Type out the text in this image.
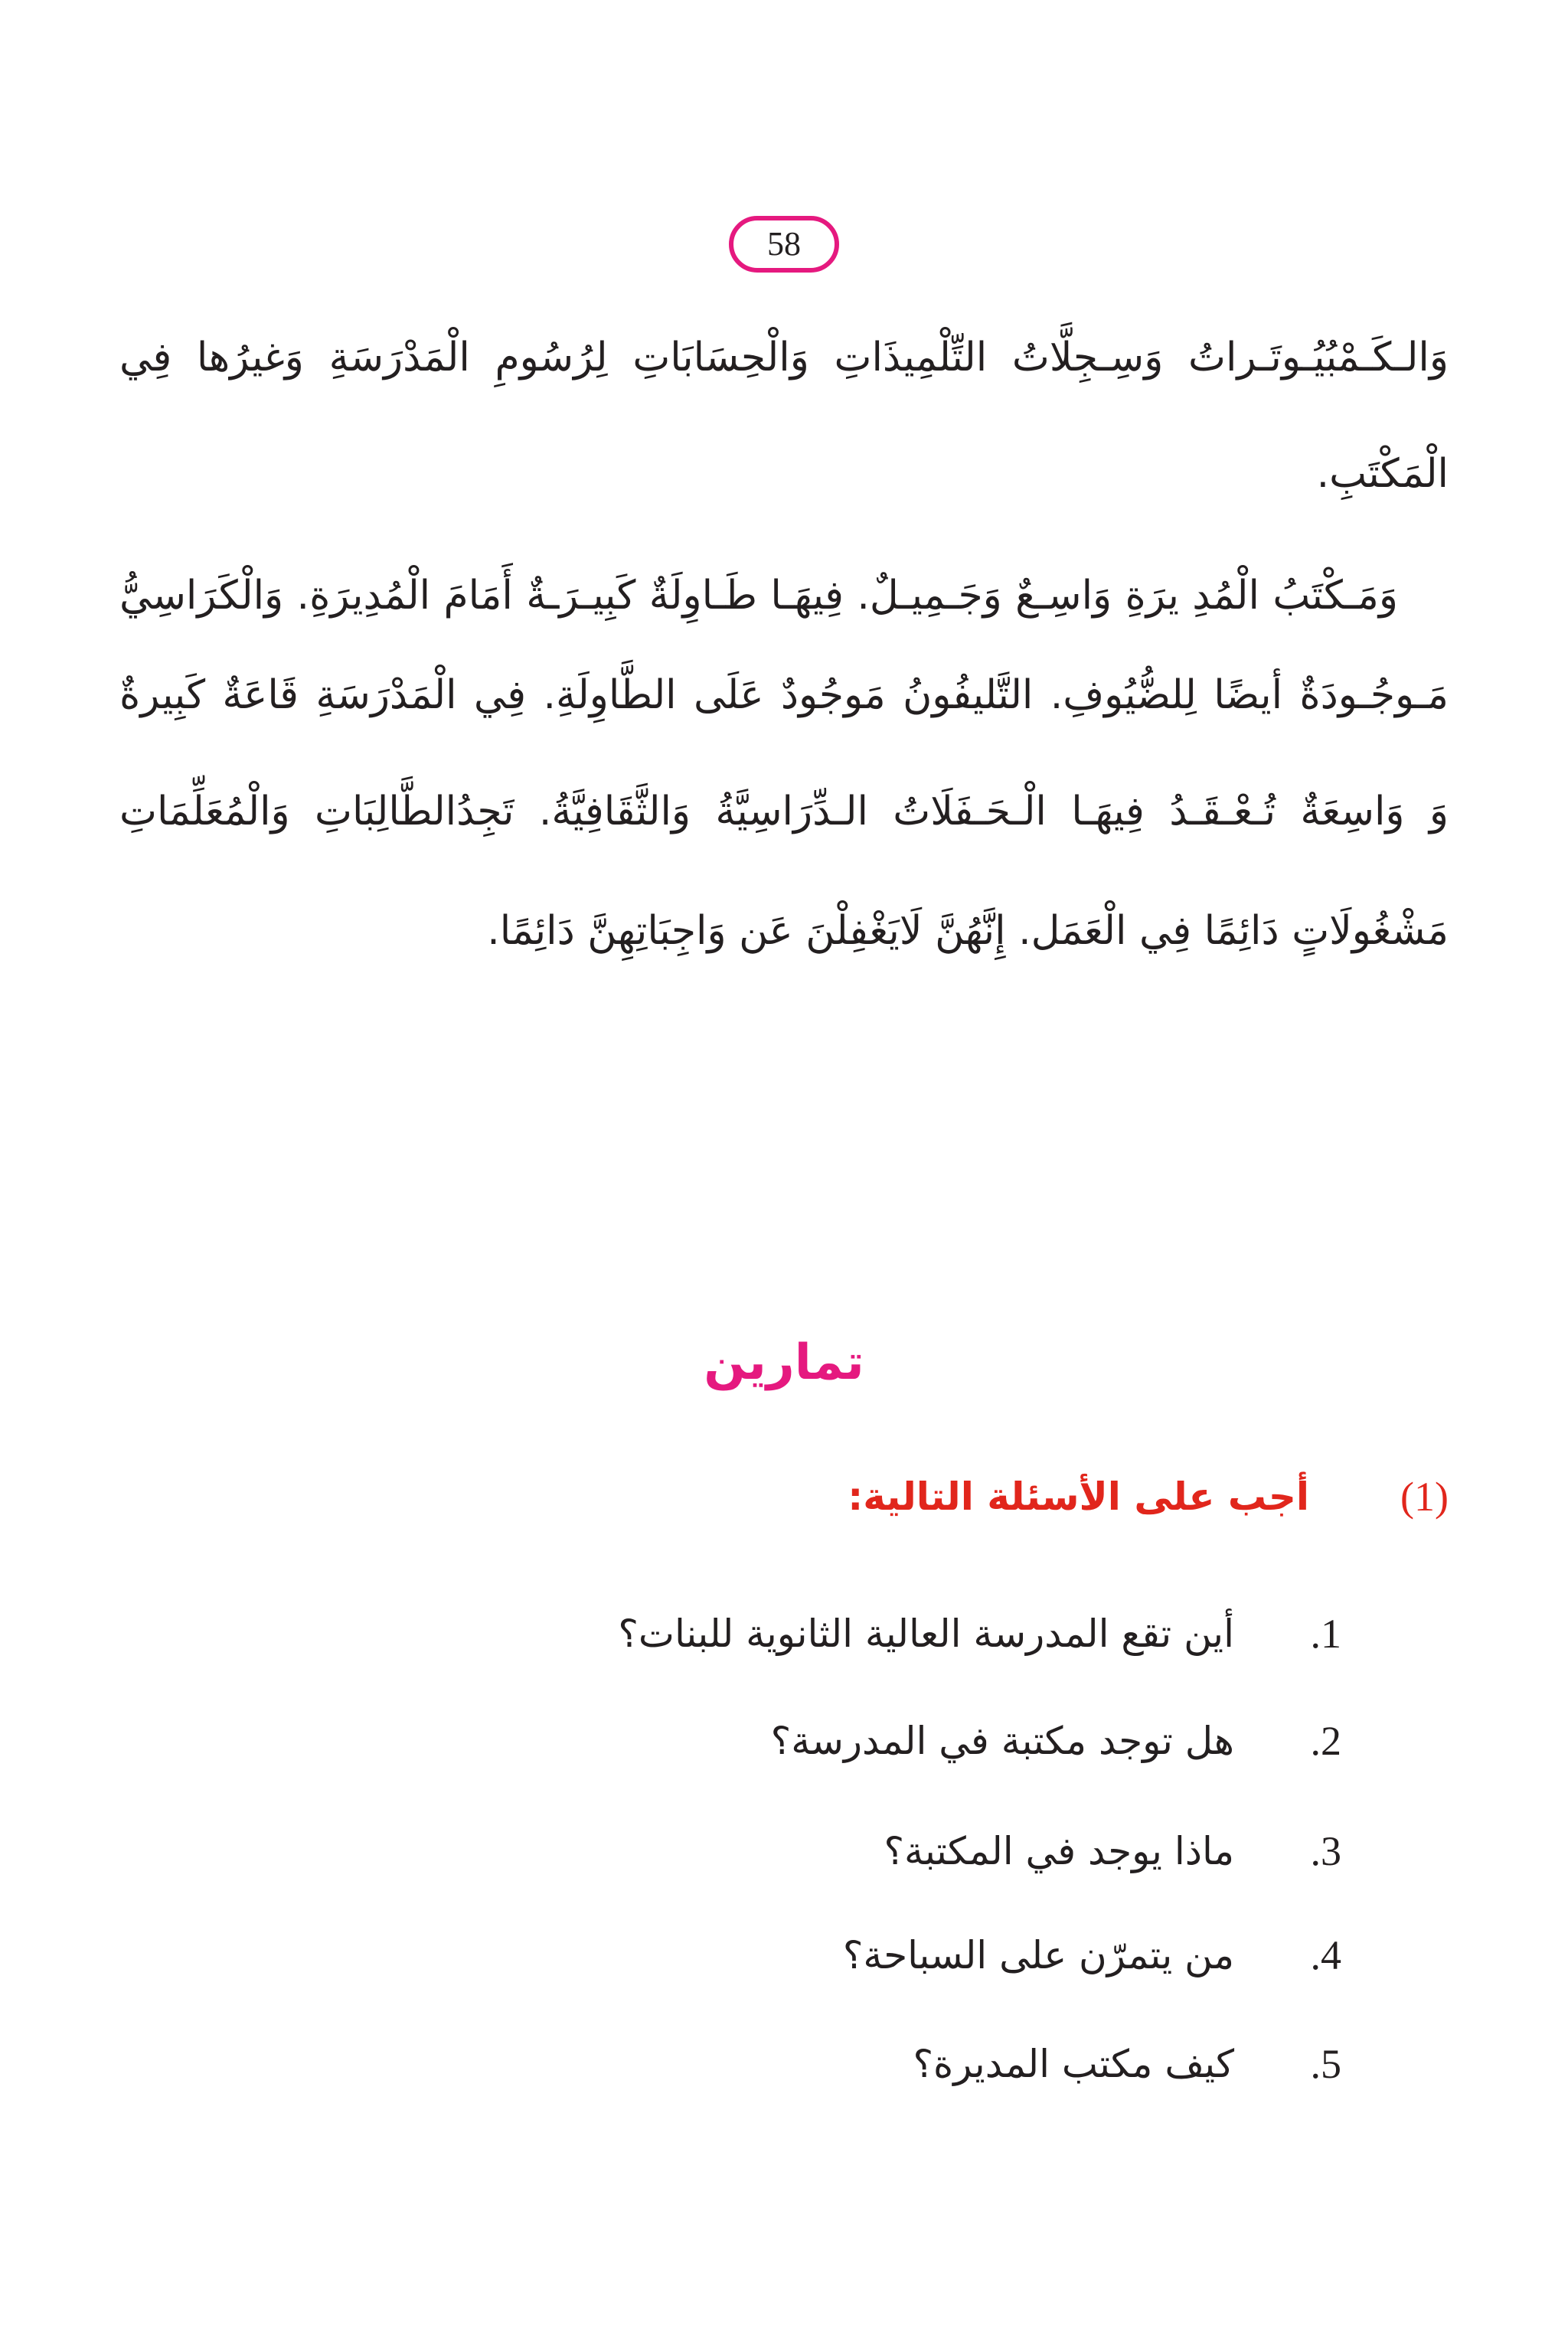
58
وَالـكَـمْبُيُـوتَـراتُ وَسِـجِلَّاتُ التِّلْمِيذَاتِ وَالْحِسَابَاتِ لِرُسُومِ الْمَدْرَسَةِ وَغيرُها فِي
الْمَكْتَبِ.
وَمَـكْتَبُ الْمُدِ يرَةِ وَاسِـعٌ وَجَـمِيـلٌ. فِيهَـا طَـاوِلَةٌ كَبِيـرَـةٌ أَمَامَ الْمُدِيرَةِ. وَالْكَرَاسِيُّ
مَـوجُـودَةٌ أيضًا لِلضُّيُوفِ. التَّليفُونُ مَوجُودٌ عَلَى الطَّاوِلَةِ. فِي الْمَدْرَسَةِ قَاعَةٌ كَبِيرةٌ
وَ وَاسِعَةٌ تُـعْـقَـدُ فِيهَـا الْـحَـفَلَاتُ الـدِّرَاسِيَّةُ وَالثَّقَافِيَّةُ. تَجِدُالطَّالِبَاتِ وَالْمُعَلِّمَاتِ
مَشْغُولَاتٍ دَائِمًا فِي الْعَمَل. إِنَّهُنَّ لَايَغْفِلْنَ عَن وَاجِبَاتِهِنَّ دَائِمًا.
تمارين
(1)
أجب على الأسئلة التالية:
1.
أين تقع المدرسة العالية الثانوية للبنات؟
2.
هل توجد مكتبة في المدرسة؟
3.
ماذا يوجد في المكتبة؟
4.
من يتمرّن على السباحة؟
5.
كيف مكتب المديرة؟
